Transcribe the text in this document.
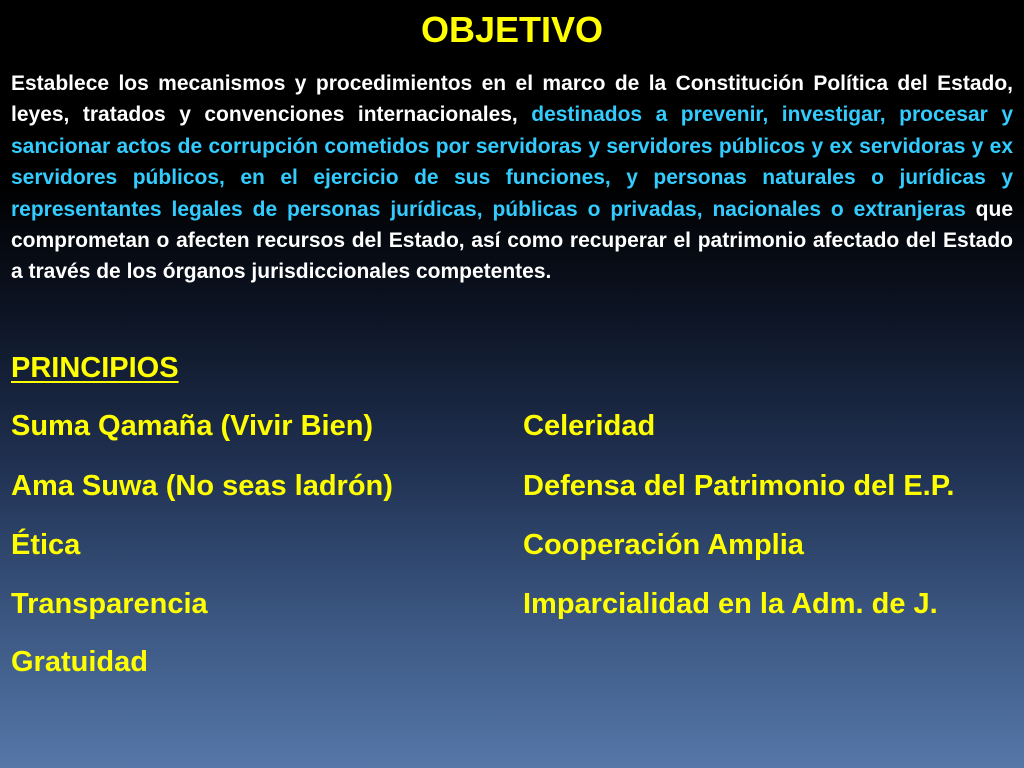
OBJETIVO

Establece los mecanismos y procedimientos en el marco de la Constitución Política del Estado, leyes, tratados y convenciones internacionales, destinados a prevenir, investigar, procesar y sancionar actos de corrupción cometidos por servidoras y servidores públicos y ex servidoras y ex servidores públicos, en el ejercicio de sus funciones, y personas naturales o jurídicas y representantes legales de personas jurídicas, públicas o privadas, nacionales o extranjeras que comprometan o afecten recursos del Estado, así como recuperar el patrimonio afectado del Estado a través de los órganos jurisdiccionales competentes.

PRINCIPIOS
Suma Qamaña (Vivir Bien)
Ama Suwa (No seas ladrón)
Ética
Transparencia
Gratuidad
Celeridad
Defensa del Patrimonio del E.P.
Cooperación Amplia
Imparcialidad en la Adm. de J.
